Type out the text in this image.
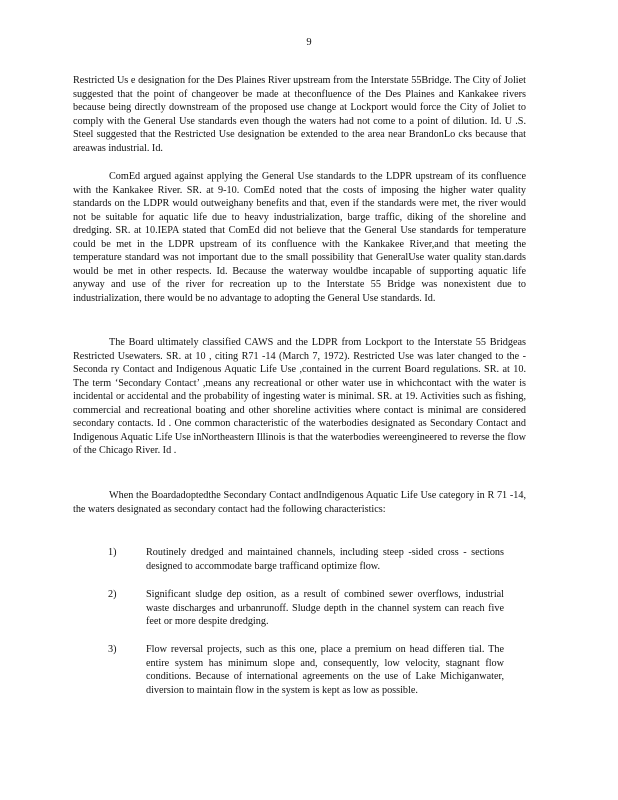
9

Restricted Us e designation for the Des Plaines River upstream from the Interstate 55Bridge. The City of Joliet suggested that the point of changeover be made at theconfluence of the Des Plaines and Kankakee rivers because being directly downstream of the proposed use change at Lockport would force the City of Joliet to comply with the General Use standards even though the waters had not come to a point of dilution. Id. U .S. Steel suggested that the Restricted Use designation be extended to the area near BrandonLo cks because that areawas industrial. Id.

ComEd argued against applying the General Use standards to the LDPR upstream of its confluence with the Kankakee River. SR. at 9-10. ComEd noted that the costs of imposing the higher water quality standards on the LDPR would outweighany benefits and that, even if the standards were met, the river would not be suitable for aquatic life due to heavy industrialization, barge traffic, diking of the shoreline and dredging. SR. at 10.IEPA stated that ComEd did not believe that the General Use standards for temperature could be met in the LDPR upstream of its confluence with the Kankakee River,and that meeting the temperature standard was not important due to the small possibility that GeneralUse water quality stan.dards would be met in other respects. Id. Because the waterway wouldbe incapable of supporting aquatic life anyway and use of the river for recreation up to the Interstate 55 Bridge was nonexistent due to industrialization, there would be no advantage to adopting the General Use standards. Id.

The Board ultimately classified CAWS and the LDPR from Lockport to the Interstate 55 Bridgeas Restricted Usewaters. SR. at 10 , citing R71 -14 (March 7, 1972). Restricted Use was later changed to the -Seconda ry Contact and Indigenous Aquatic Life Use ,contained in the current Board regulations. SR. at 10. The term ‘Secondary Contact’ ,means any recreational or other water use in whichcontact with the water is incidental or accidental and the probability of ingesting water is minimal. SR. at 19. Activities such as fishing, commercial and recreational boating and other shoreline activities where contact is minimal are considered secondary contacts. Id . One common characteristic of the waterbodies designated as Secondary Contact and Indigenous Aquatic Life Use inNortheastern Illinois is that the waterbodies wereengineered to reverse the flow of the Chicago River. Id .

When the Boardadoptedthe Secondary Contact andIndigenous Aquatic Life Use category in R 71 -14, the waters designated as secondary contact had the following characteristics:

1)	Routinely dredged and maintained channels, including steep -sided cross - sections designed to accommodate barge trafficand optimize flow.
2)	Significant sludge dep osition, as a result of combined sewer overflows, industrial waste discharges and urbanrunoff. Sludge depth in the channel system can reach five feet or more despite dredging.
3)	Flow reversal projects, such as this one, place a premium on head differen tial. The entire system has minimum slope and, consequently, low velocity, stagnant flow conditions. Because of international agreements on the use of Lake Michiganwater, diversion to maintain flow in the system is kept as low as possible.
